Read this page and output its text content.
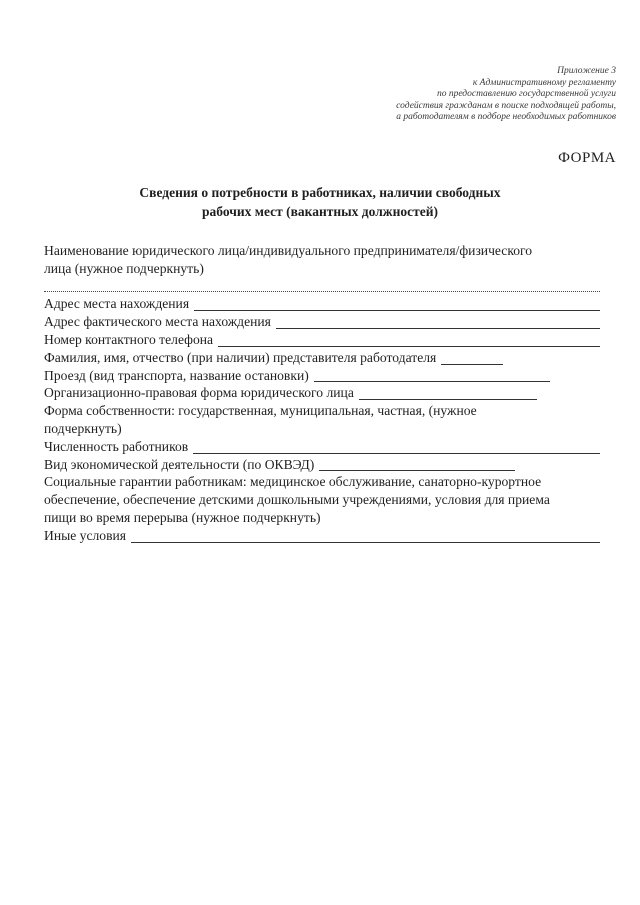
Приложение 3
к Административному регламенту
по предоставлению государственной услуги
содействия гражданам в поиске подходящей работы,
а работодателям в подборе необходимых работников
ФОРМА
Сведения о потребности в работниках, наличии свободных
рабочих мест (вакантных должностей)
Наименование юридического лица/индивидуального предпринимателя/физического
лица (нужное подчеркнуть)
Адрес места нахождения
Адрес фактического места нахождения
Номер контактного телефона
Фамилия, имя, отчество (при наличии) представителя работодателя
Проезд (вид транспорта, название остановки)
Организационно-правовая форма юридического лица
Форма собственности: государственная, муниципальная, частная, (нужное
подчеркнуть)
Численность работников
Вид экономической деятельности (по ОКВЭД)
Социальные гарантии работникам: медицинское обслуживание, санаторно-курортное
обеспечение, обеспечение детскими дошкольными учреждениями, условия для приема
пищи во время перерыва (нужное подчеркнуть)
Иные условия
